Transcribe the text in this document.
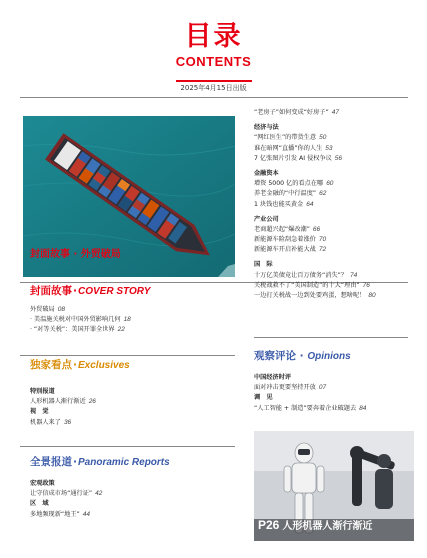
目录
CONTENTS
2025年4月15日出版
封面故事 · 外贸破局
封面故事·COVER STORY
外贸破局 08
· 美温施关税对中国外贸影响几何 18
· “对等关税”：美国开罪全世界 22
独家看点·Exclusives
特别报道
人形机器人渐行渐近 26
视　觉
机器人来了 36
全景报道·Panoramic Reports
宏观政策
让守信成市场“通行证” 42
区　域
多地频现新“地王” 44
“老房子”如何变成“好房子” 47
经济与法
“网红医生”的带货生意 50
谁在暗网“直播”你的人生 53
7 亿张图片引发 AI 侵权争议 56
金融资本
增资 5000 亿的看点在哪 60
养老金融的“中行温度” 62
1 块钱也能买黄金 64
产业公司
老商超兴起“爆改潮” 66
新能源车险刮急着涨价 70
新能源车开启补能大战 72
国　际
十万亿美债竟让百万债务“消失”？ 74
关税战救不了“美国制造”的十大“理由” 76
一边打关税战一边到处要鸡蛋，想啥呢！ 80
观察评论 · Opinions
中国经济时评
面对冲击更要坚持开放 07
调　见
“人工智能 + 制造”要奔着企业破题去 84
P26 人形机器人渐行渐近
